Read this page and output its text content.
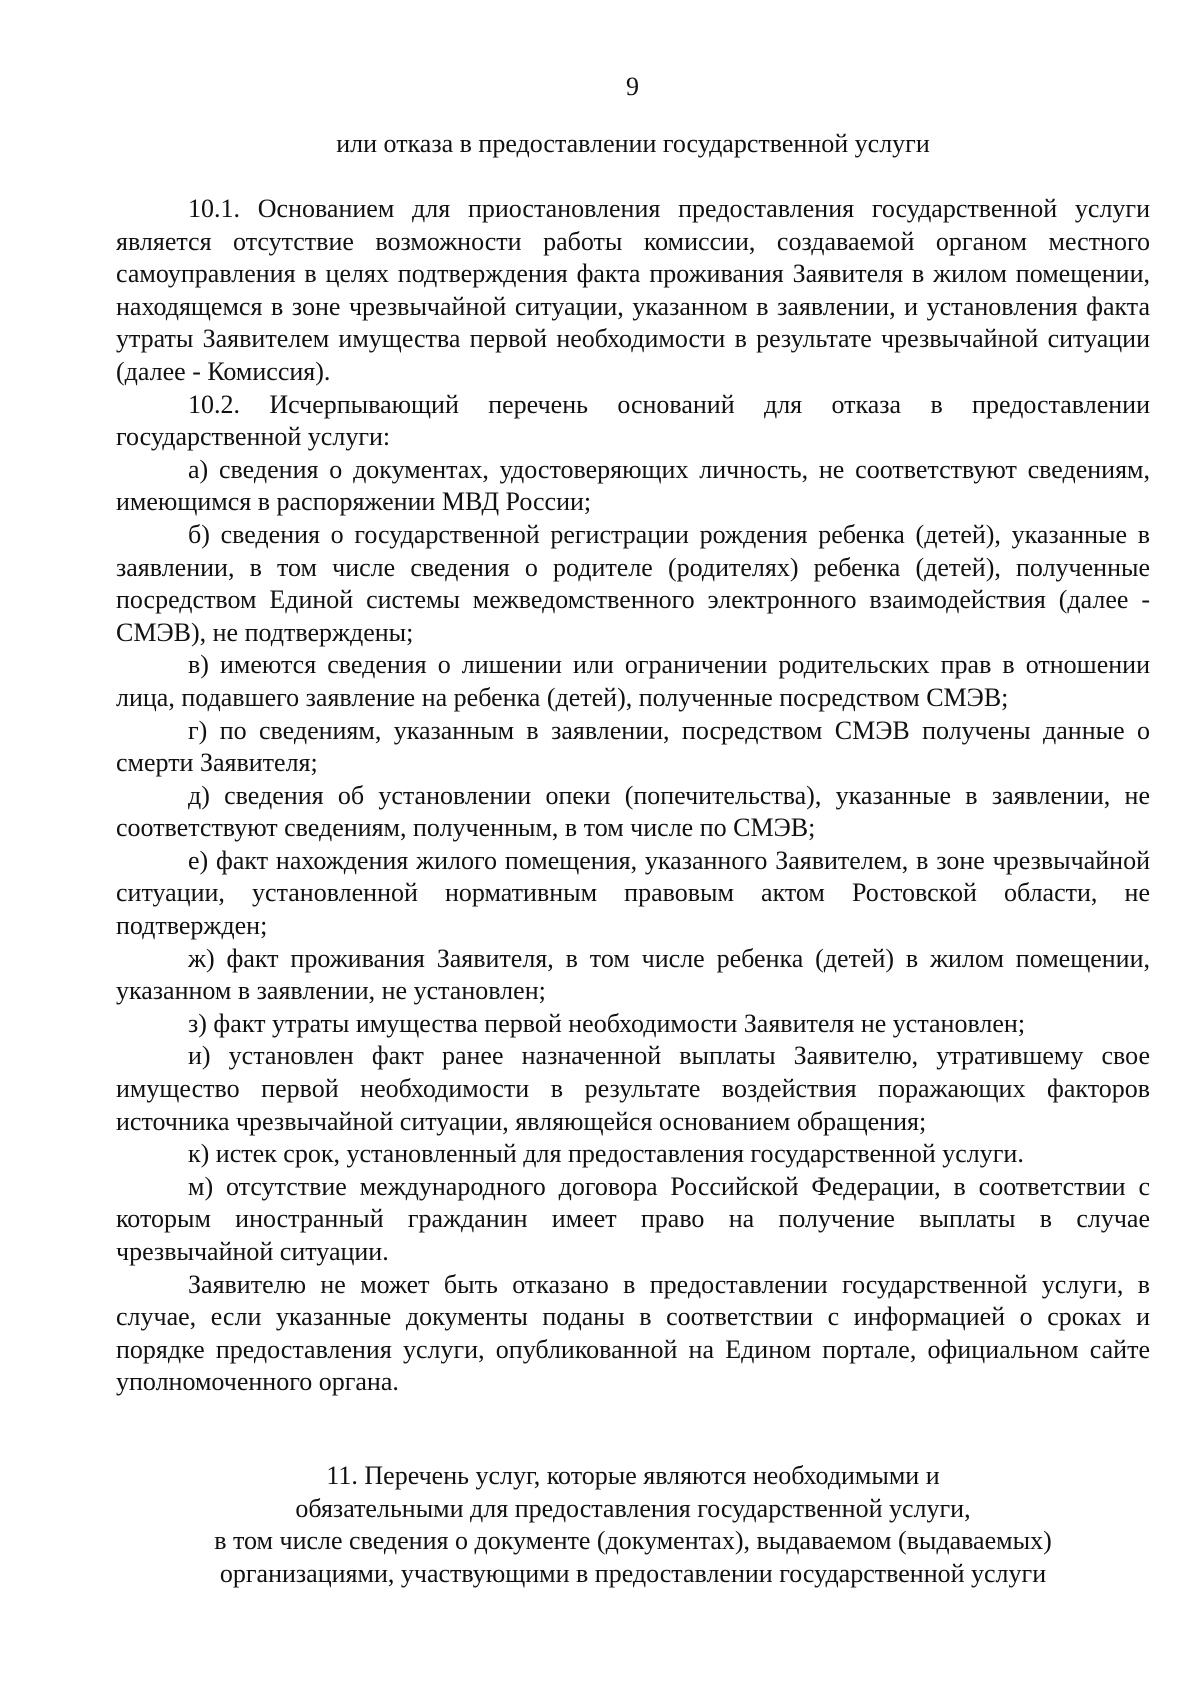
9
или отказа в предоставлении государственной услуги

10.1. Основанием для приостановления предоставления государственной услуги является отсутствие возможности работы комиссии, создаваемой органом местного самоуправления в целях подтверждения факта проживания Заявителя в жилом помещении, находящемся в зоне чрезвычайной ситуации, указанном в заявлении, и установления факта утраты Заявителем имущества первой необходимости в результате чрезвычайной ситуации (далее - Комиссия).

10.2. Исчерпывающий перечень оснований для отказа в предоставлении государственной услуги:

а) сведения о документах, удостоверяющих личность, не соответствуют сведениям, имеющимся в распоряжении МВД России;

б) сведения о государственной регистрации рождения ребенка (детей), указанные в заявлении, в том числе сведения о родителе (родителях) ребенка (детей), полученные посредством Единой системы межведомственного электронного взаимодействия (далее - СМЭВ), не подтверждены;

в) имеются сведения о лишении или ограничении родительских прав в отношении лица, подавшего заявление на ребенка (детей), полученные посредством СМЭВ;

г) по сведениям, указанным в заявлении, посредством СМЭВ получены данные о смерти Заявителя;

д) сведения об установлении опеки (попечительства), указанные в заявлении, не соответствуют сведениям, полученным, в том числе по СМЭВ;

е) факт нахождения жилого помещения, указанного Заявителем, в зоне чрезвычайной ситуации, установленной нормативным правовым актом Ростовской области, не подтвержден;

ж) факт проживания Заявителя, в том числе ребенка (детей) в жилом помещении, указанном в заявлении, не установлен;

з) факт утраты имущества первой необходимости Заявителя не установлен;

и) установлен факт ранее назначенной выплаты Заявителю, утратившему свое имущество первой необходимости в результате воздействия поражающих факторов источника чрезвычайной ситуации, являющейся основанием обращения;

к) истек срок, установленный для предоставления государственной услуги.

м) отсутствие международного договора Российской Федерации, в соответствии с которым иностранный гражданин имеет право на получение выплаты в случае чрезвычайной ситуации.

Заявителю не может быть отказано в предоставлении государственной услуги, в случае, если указанные документы поданы в соответствии с информацией о сроках и порядке предоставления услуги, опубликованной на Едином портале, официальном сайте уполномоченного органа.

11. Перечень услуг, которые являются необходимыми и
обязательными для предоставления государственной услуги,
в том числе сведения о документе (документах), выдаваемом (выдаваемых)
организациями, участвующими в предоставлении государственной услуги
